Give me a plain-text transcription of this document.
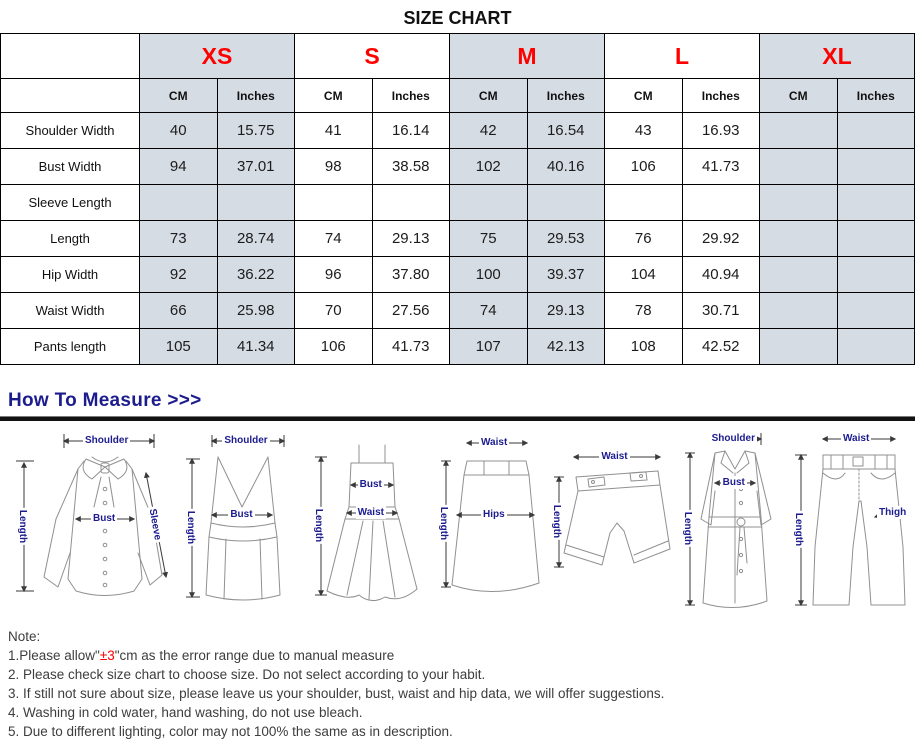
SIZE CHART
	XS		S		M		L		XL	
	CM	Inches	CM	Inches	CM	Inches	CM	Inches	CM	Inches
Shoulder Width	40	15.75	41	16.14	42	16.54	43	16.93		
Bust Width	94	37.01	98	38.58	102	40.16	106	41.73		
Sleeve Length										
Length	73	28.74	74	29.13	75	29.53	76	29.92		
Hip Width	92	36.22	96	37.80	100	39.37	104	40.94		
Waist Width	66	25.98	70	27.56	74	29.13	78	30.71		
Pants length	105	41.34	106	41.73	107	42.13	108	42.52		
How To Measure >>>
Shoulder
Bust
Length	Sleeve
Shoulder
Bust
Length
Bust
Waist
Length
Waist
Hips
Length
Waist
Length
Shoulder
Bust
Length
Waist
Length
Thigh
Note:
1.Please allow"±3"cm as the error range due to manual measure
2. Please check size chart to choose size. Do not select according to your habit.
3. If still not sure about size, please leave us your shoulder, bust, waist and hip data, we will offer suggestions.
4. Washing in cold water, hand washing, do not use bleach.
5. Due to different lighting, color may not 100% the same as in description.
